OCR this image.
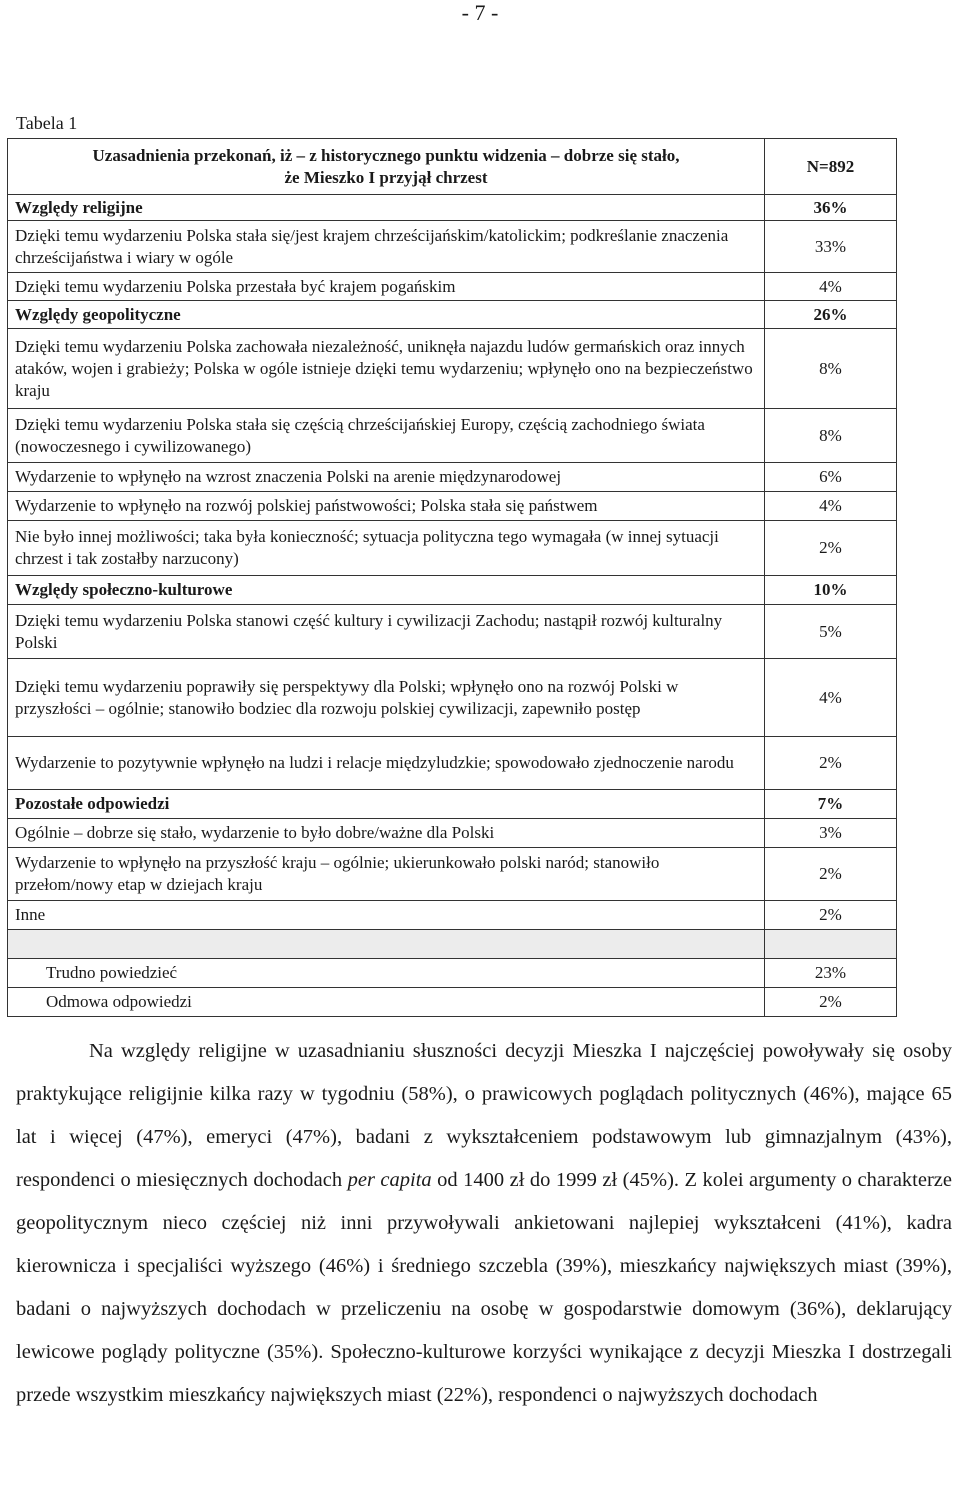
- 7 -
Tabela 1
Uzasadnienia przekonań, iż – z historycznego punktu widzenia – dobrze się stało,
że Mieszko I przyjął chrzest	N=892
Względy religijne	36%
Dzięki temu wydarzeniu Polska stała się/jest krajem chrześcijańskim/katolickim; podkreślanie znaczenia chrześcijaństwa i wiary w ogóle	33%
Dzięki temu wydarzeniu Polska przestała być krajem pogańskim	4%
Względy geopolityczne	26%
Dzięki temu wydarzeniu Polska zachowała niezależność, uniknęła najazdu ludów germańskich oraz innych ataków, wojen i grabieży; Polska w ogóle istnieje dzięki temu wydarzeniu; wpłynęło ono na bezpieczeństwo kraju	8%
Dzięki temu wydarzeniu Polska stała się częścią chrześcijańskiej Europy, częścią zachodniego świata (nowoczesnego i cywilizowanego)	8%
Wydarzenie to wpłynęło na wzrost znaczenia Polski na arenie międzynarodowej	6%
Wydarzenie to wpłynęło na rozwój polskiej państwowości; Polska stała się państwem	4%
Nie było innej możliwości; taka była konieczność; sytuacja polityczna tego wymagała (w innej sytuacji chrzest i tak zostałby narzucony)	2%
Względy społeczno-kulturowe	10%
Dzięki temu wydarzeniu Polska stanowi część kultury i cywilizacji Zachodu; nastąpił rozwój kulturalny Polski	5%
Dzięki temu wydarzeniu poprawiły się perspektywy dla Polski; wpłynęło ono na rozwój Polski w przyszłości – ogólnie; stanowiło bodziec dla rozwoju polskiej cywilizacji, zapewniło postęp	4%
Wydarzenie to pozytywnie wpłynęło na ludzi i relacje międzyludzkie; spowodowało zjednoczenie narodu	2%
Pozostałe odpowiedzi	7%
Ogólnie – dobrze się stało, wydarzenie to było dobre/ważne dla Polski	3%
Wydarzenie to wpłynęło na przyszłość kraju – ogólnie; ukierunkowało polski naród; stanowiło przełom/nowy etap w dziejach kraju	2%
Inne	2%

Trudno powiedzieć	23%
Odmowa odpowiedzi	2%

Na względy religijne w uzasadnianiu słuszności decyzji Mieszka I najczęściej powoływały się osoby praktykujące religijnie kilka razy w tygodniu (58%), o prawicowych poglądach politycznych (46%), mające 65 lat i więcej (47%), emeryci (47%), badani z wykształceniem podstawowym lub gimnazjalnym (43%), respondenci o miesięcznych dochodach per capita od 1400 zł do 1999 zł (45%). Z kolei argumenty o charakterze geopolitycznym nieco częściej niż inni przywoływali ankietowani najlepiej wykształceni (41%), kadra kierownicza i specjaliści wyższego (46%) i średniego szczebla (39%), mieszkańcy największych miast (39%), badani o najwyższych dochodach w przeliczeniu na osobę w gospodarstwie domowym (36%), deklarujący lewicowe poglądy polityczne (35%). Społeczno-kulturowe korzyści wynikające z decyzji Mieszka I dostrzegali przede wszystkim mieszkańcy największych miast (22%), respondenci o najwyższych dochodach
